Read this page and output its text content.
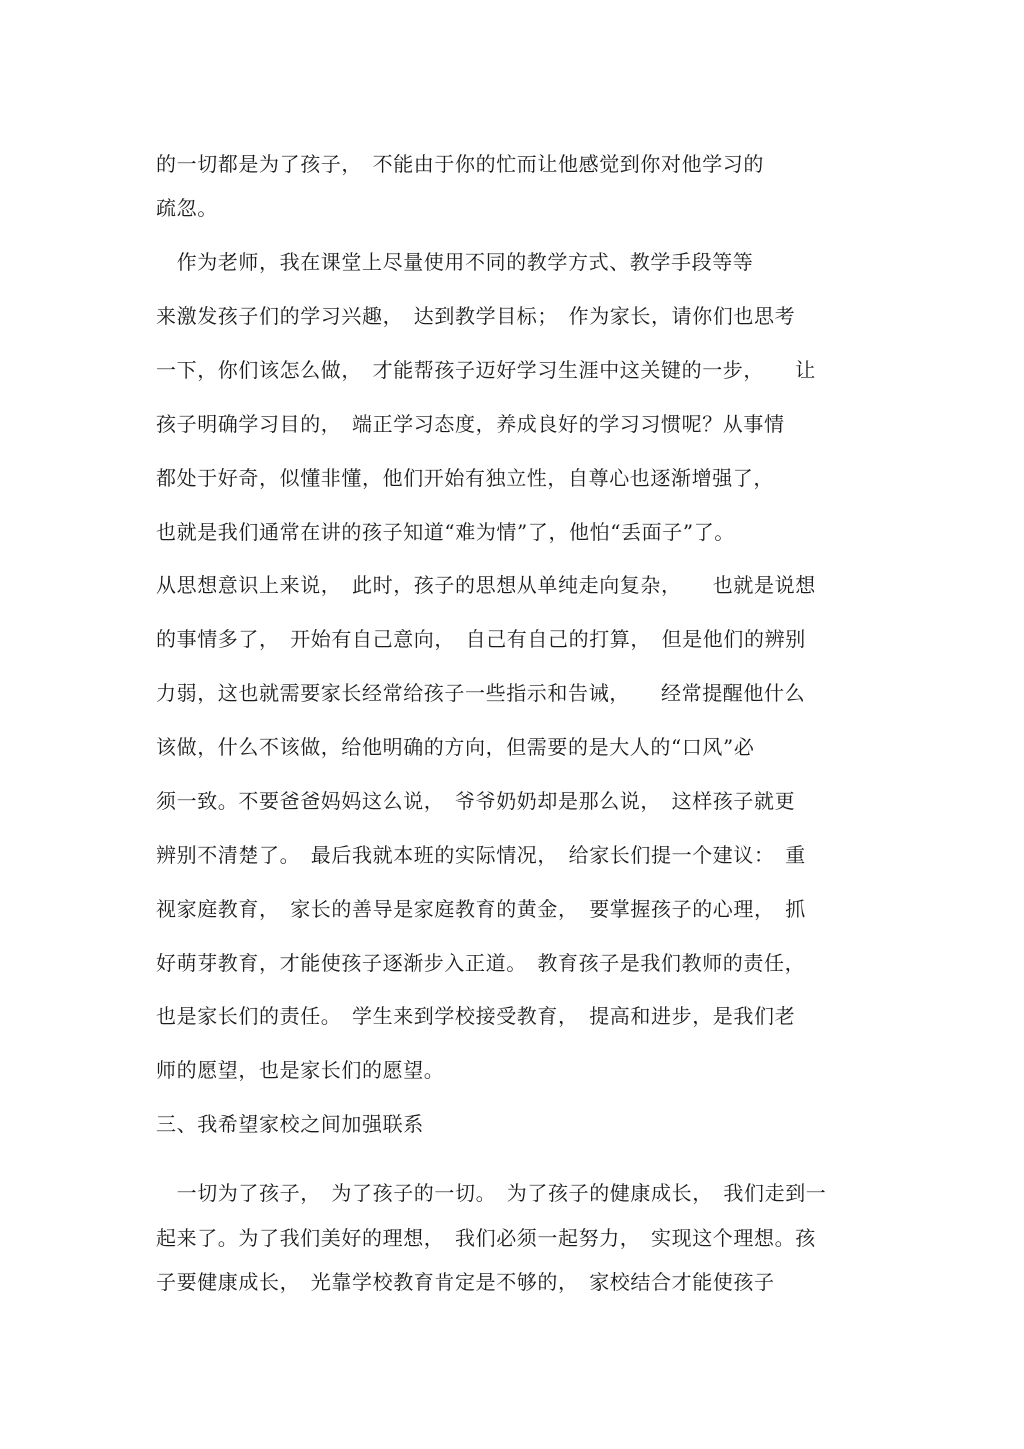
的一切都是为了孩子，　不能由于你的忙而让他感觉到你对他学习的
疏忽。
　作为老师，我在课堂上尽量使用不同的教学方式、教学手段等等
来激发孩子们的学习兴趣，　达到教学目标；　作为家长，请你们也思考
一下，你们该怎么做，　才能帮孩子迈好学习生涯中这关键的一步，　　让
孩子明确学习目的，　端正学习态度，养成良好的学习习惯呢？从事情
都处于好奇，似懂非懂，他们开始有独立性，自尊心也逐渐增强了，
也就是我们通常在讲的孩子知道“难为情”了，他怕“丢面子”了。
从思想意识上来说，　此时，孩子的思想从单纯走向复杂，　　也就是说想
的事情多了，　开始有自己意向，　自己有自己的打算，　但是他们的辨别
力弱，这也就需要家长经常给孩子一些指示和告诫，　　经常提醒他什么
该做，什么不该做，给他明确的方向，但需要的是大人的“口风”必
须一致。不要爸爸妈妈这么说，　爷爷奶奶却是那么说，　这样孩子就更
辨别不清楚了。　最后我就本班的实际情况，　给家长们提一个建议：　重
视家庭教育，　家长的善导是家庭教育的黄金，　要掌握孩子的心理，　抓
好萌芽教育，才能使孩子逐渐步入正道。　教育孩子是我们教师的责任，
也是家长们的责任。　学生来到学校接受教育，　提高和进步，是我们老
师的愿望，也是家长们的愿望。
三、我希望家校之间加强联系
　一切为了孩子，　为了孩子的一切。　为了孩子的健康成长，　我们走到一
起来了。为了我们美好的理想，　我们必须一起努力，　实现这个理想。孩
子要健康成长，　光靠学校教育肯定是不够的，　家校结合才能使孩子
